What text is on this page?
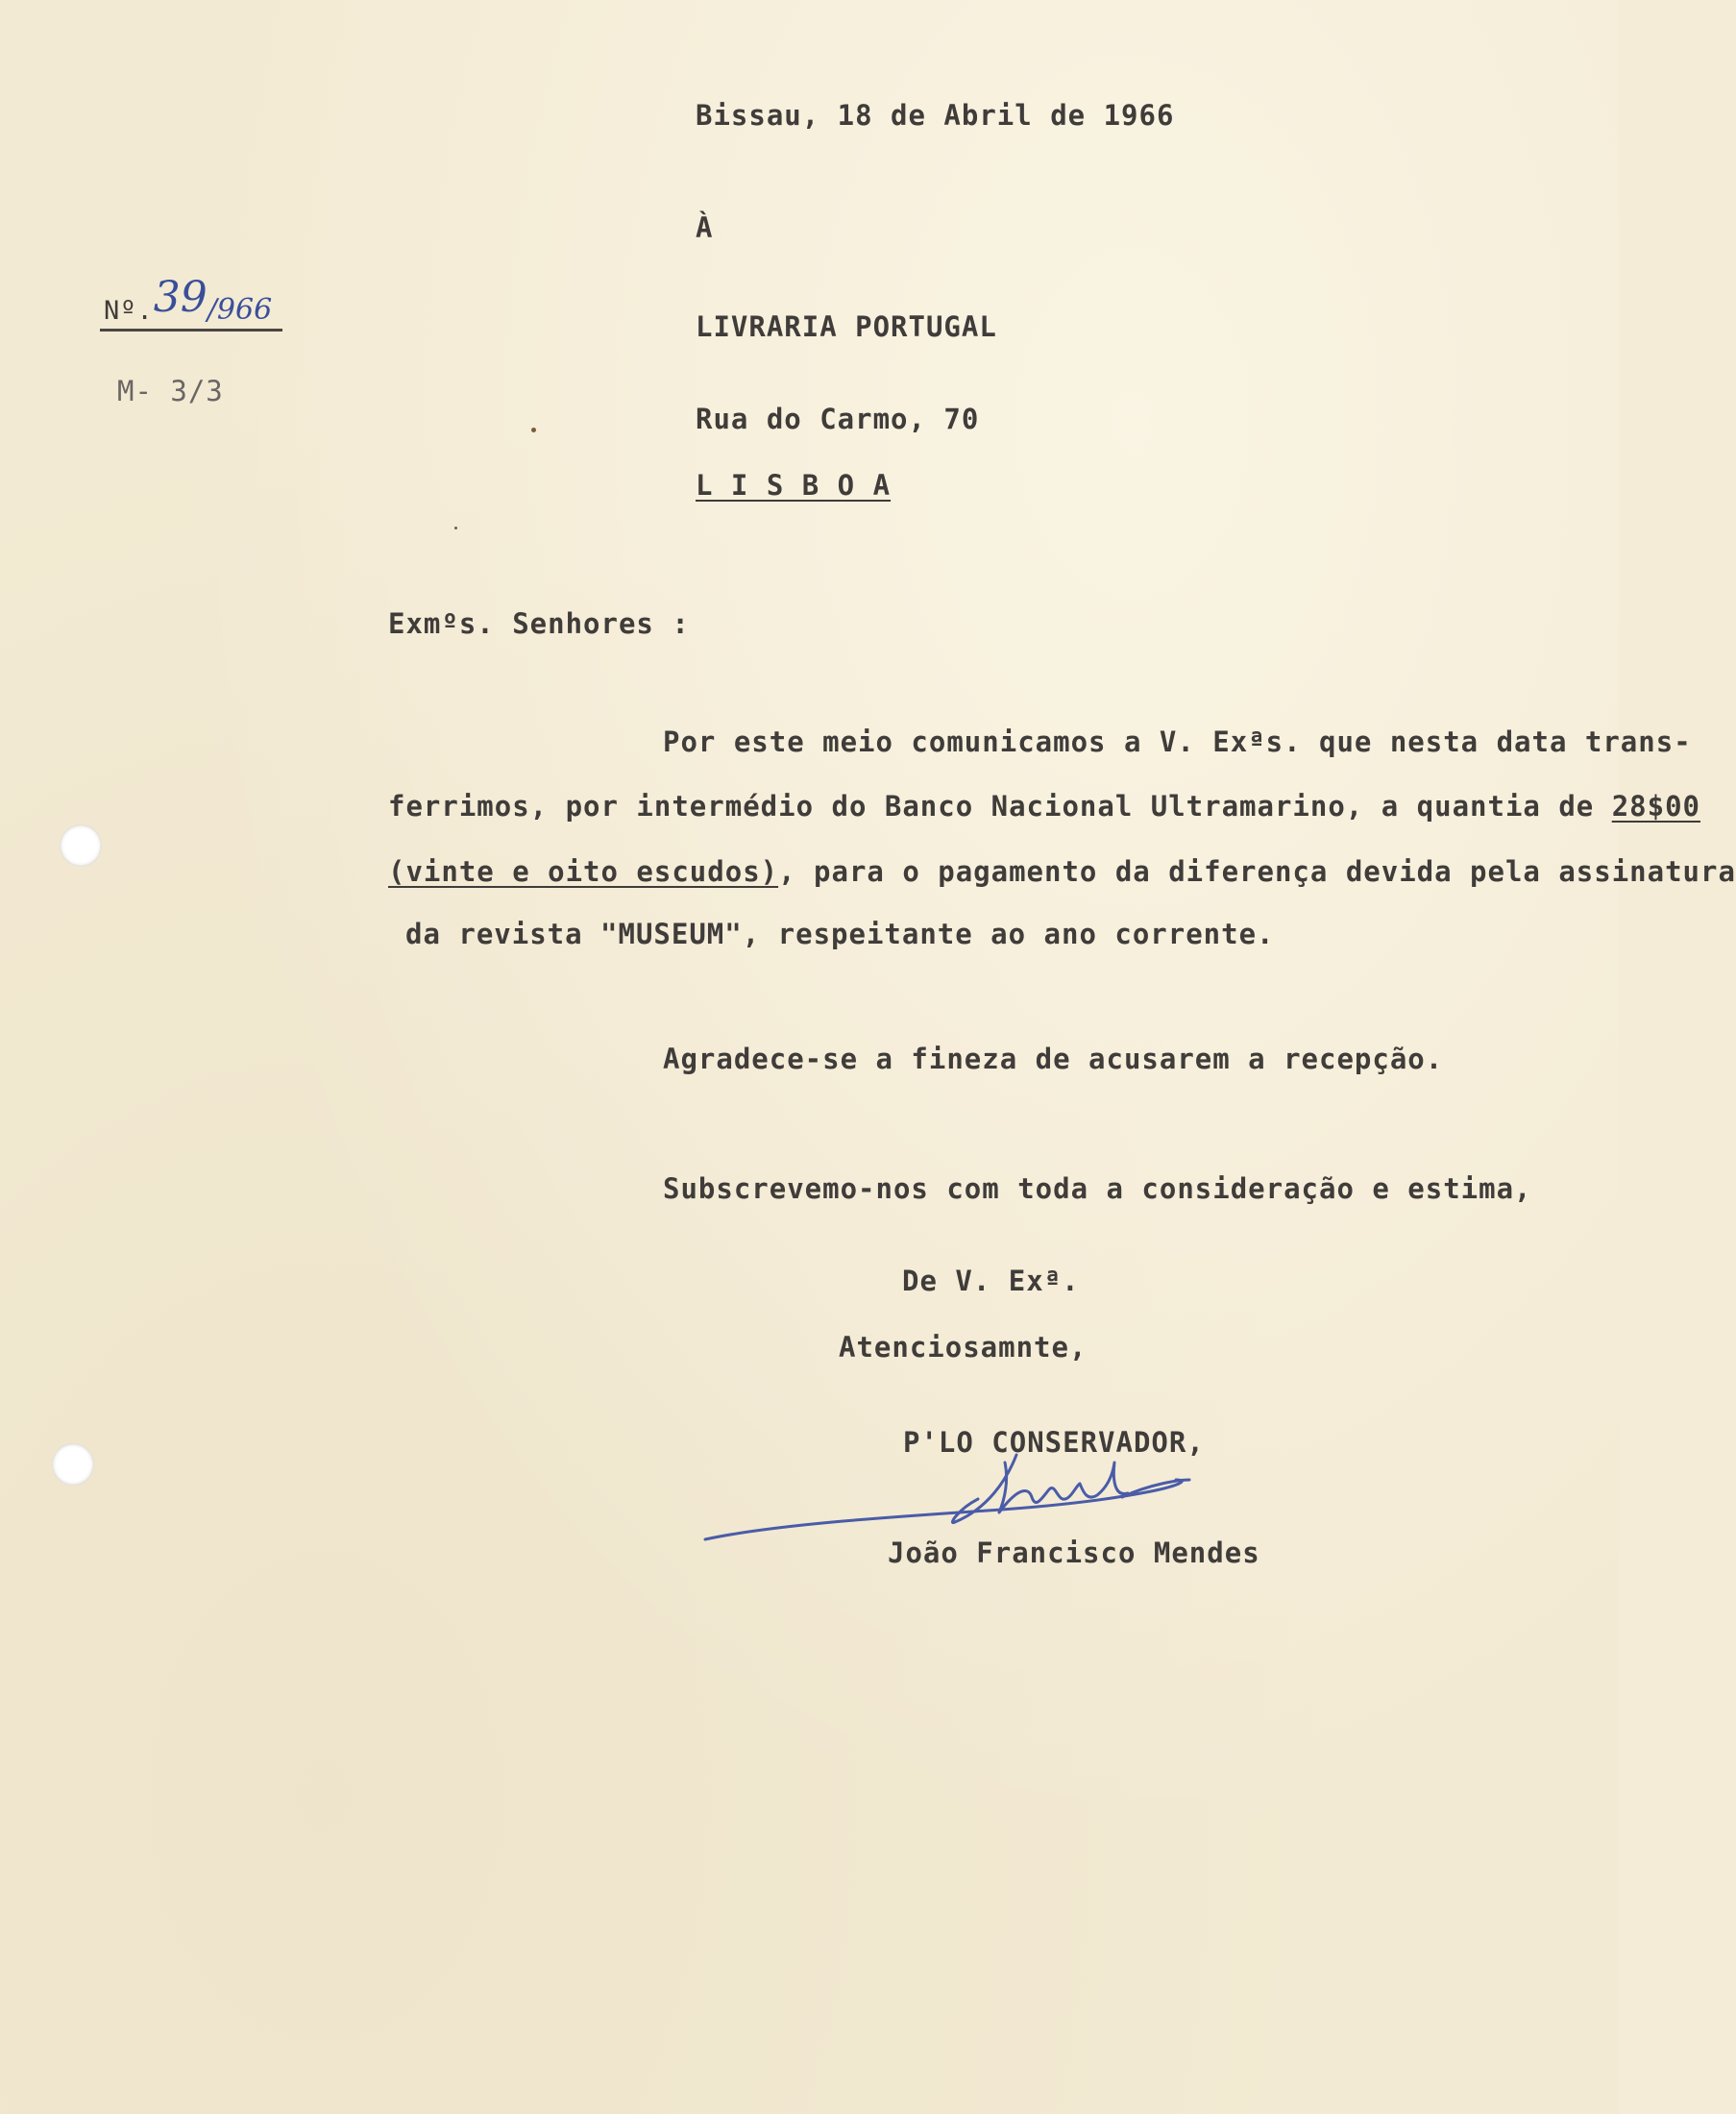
Bissau, 18 de Abril de 1966
À
Nº.39/966
M- 3/3
LIVRARIA PORTUGAL
Rua do Carmo, 70
L I S B O A
Exmºs. Senhores :
Por este meio comunicamos a V. Exªs. que nesta data trans-
ferrimos, por intermédio do Banco Nacional Ultramarino, a quantia de 28$00
(vinte e oito escudos), para o pagamento da diferença devida pela assinatura
da revista "MUSEUM", respeitante ao ano corrente.
Agradece-se a fineza de acusarem a recepção.
Subscrevemo-nos com toda a consideração e estima,
De V. Exª.
Atenciosamnte,
P'LO CONSERVADOR,
João Francisco Mendes
